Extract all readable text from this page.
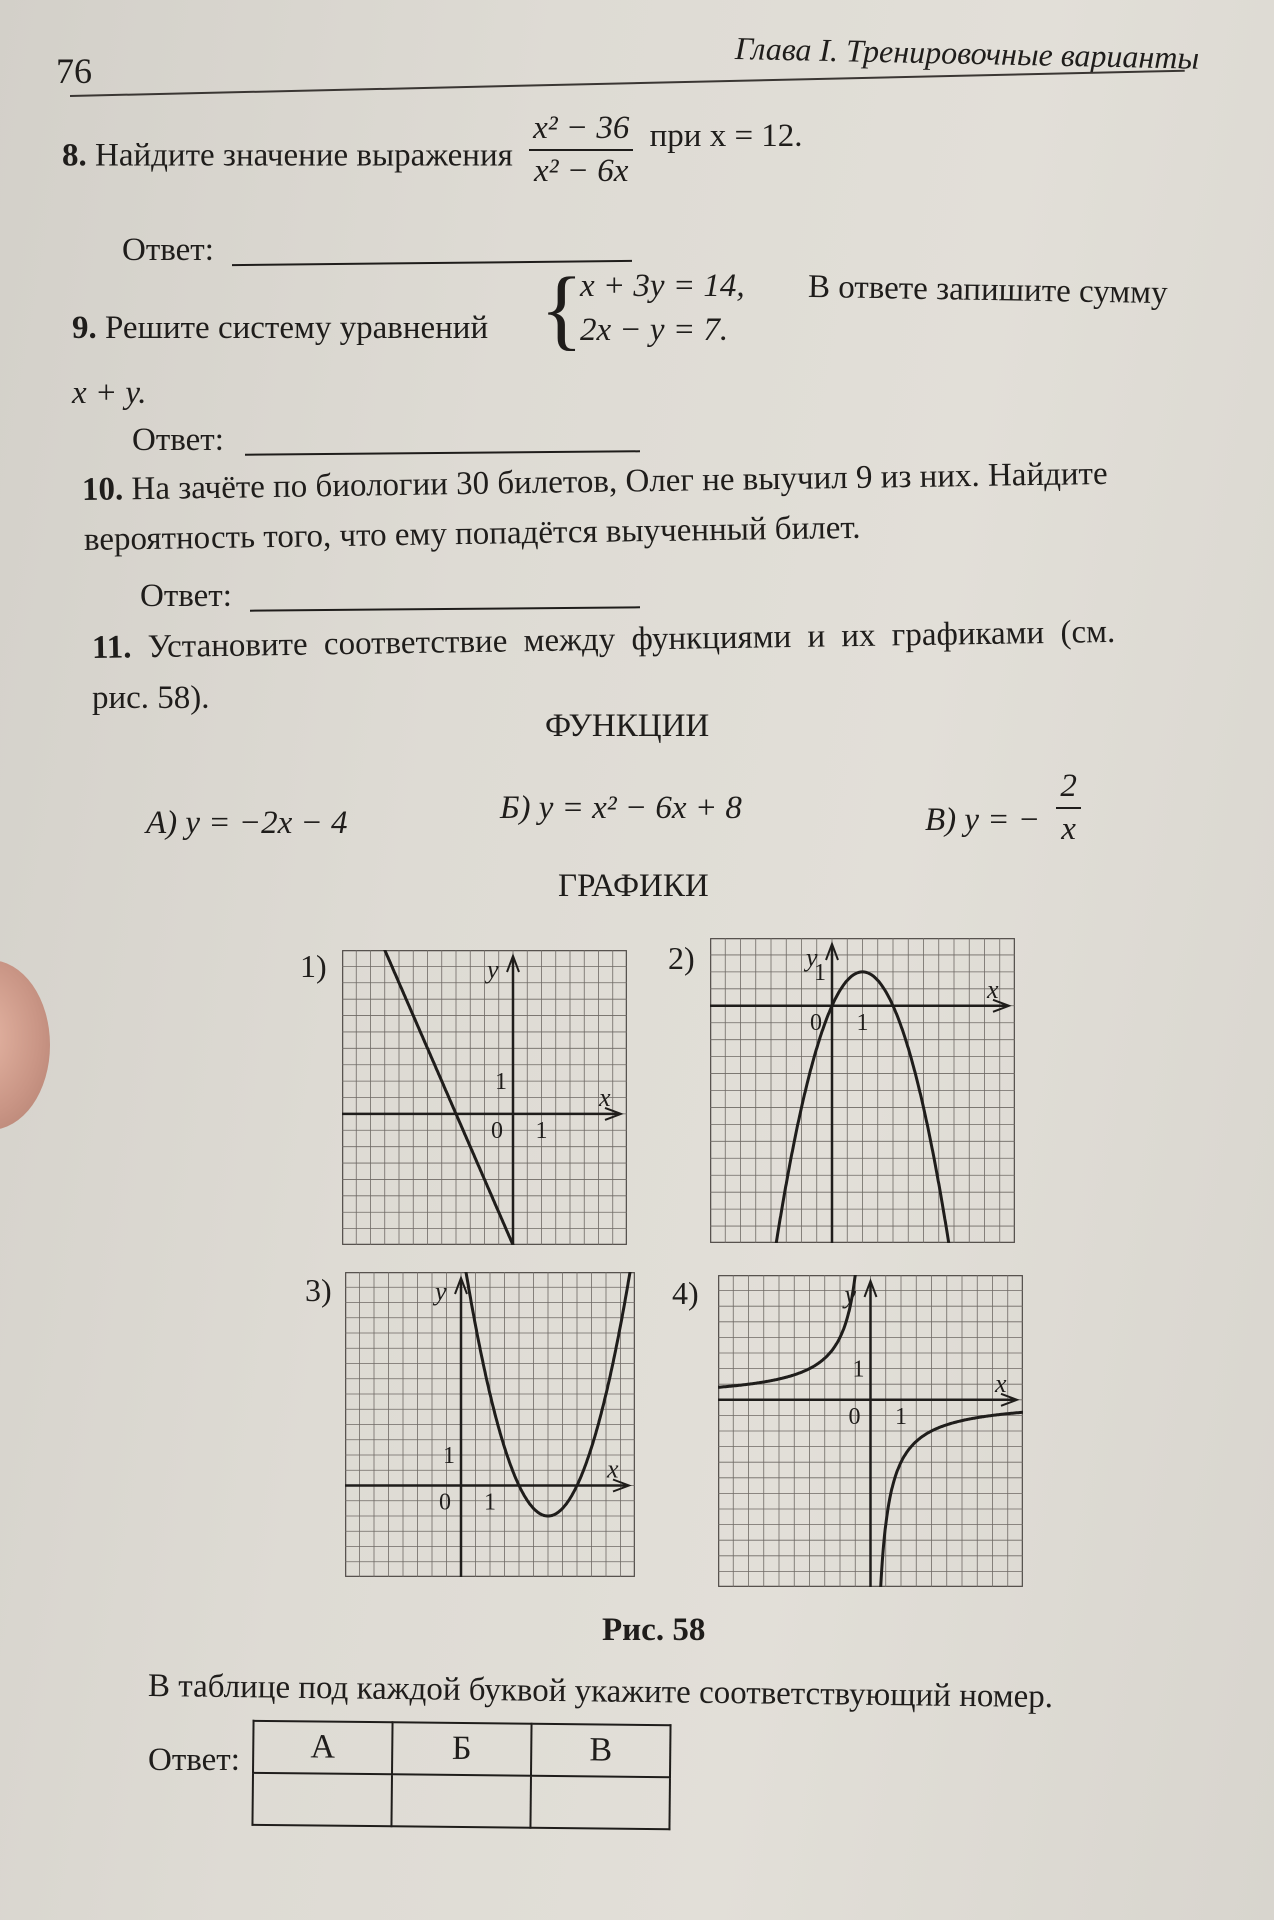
76	Глава I. Тренировочные варианты
8. Найдите значение выражения $\frac{\text{x² − 36}}{\text{x² − 6x}}$ при x = 12.
Ответ:
9. Решите систему уравнений {
x + 3y = 14,
2x − y = 7.
В ответе запишите сумму
x + y.
Ответ:
10. На зачёте по биологии 30 билетов, Олег не выучил 9 из них. Найдите
вероятность того, что ему попадётся выученный билет.
Ответ:
11. Установите соответствие между функциями и их графиками (см.
рис. 58).
ФУНКЦИИ
А) y = −2x − 4	Б) y = x² − 6x + 8	В) y = − $\frac{2}{x}$
ГРАФИКИ
1)	2)
3)	4)
x
y
0 1
1
x
y
0 1
1
x
y
0 1
1
x
y
0 1
1
Рис. 58
В таблице под каждой буквой укажите соответствующий номер.
Ответ: А	Б	В
